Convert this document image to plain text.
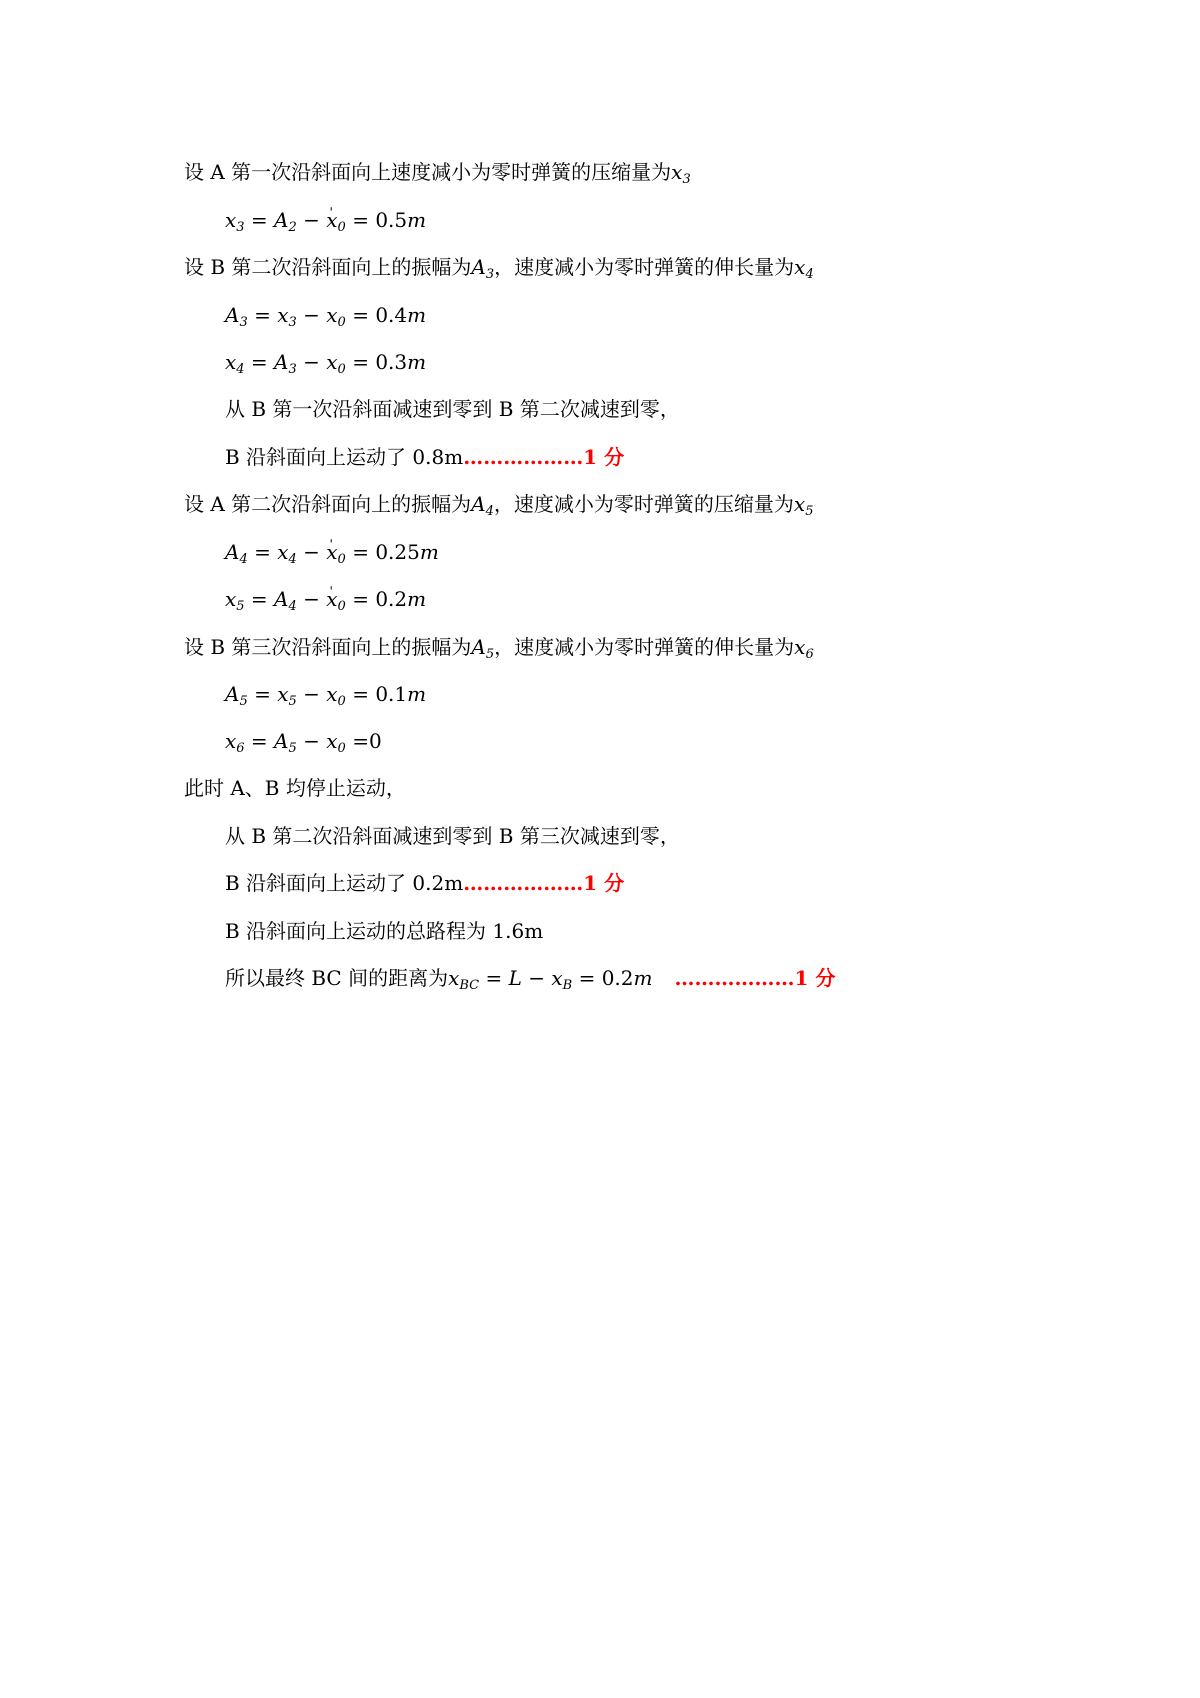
设 A 第一次沿斜面向上速度减小为零时弹簧的压缩量为$x_3$
$x_3 = A_2 - x$ ˈ$_0$ = 0.5m
设 B 第二次沿斜面向上的振幅为$A_3$，速度减小为零时弹簧的伸长量为$x_4$
$A_3 = x_3 - x_0 = 0.4m$
$x_4 = A_3 - x_0 = 0.3m$
从 B 第一次沿斜面减速到零到 B 第二次减速到零，
B 沿斜面向上运动了 0.8m………………1 分
设 A 第二次沿斜面向上的振幅为$A_4$，速度减小为零时弹簧的压缩量为$x_5$
$A_4 = x_4 - x$ ˈ$_0$ = 0.25m
$x_5 = A_4 - x$ ˈ$_0$ = 0.2m
设 B 第三次沿斜面向上的振幅为$A_5$，速度减小为零时弹簧的伸长量为$x_6$
$A_5 = x_5 - x_0 = 0.1m$
$x_6 = A_5 - x_0 =0$
此时 A、B 均停止运动，
从 B 第二次沿斜面减速到零到 B 第三次减速到零，
B 沿斜面向上运动了 0.2m………………1 分
B 沿斜面向上运动的总路程为 1.6m
所以最终 BC 间的距离为$x_{BC} = L - x_B = 0.2m$ ………………1 分
